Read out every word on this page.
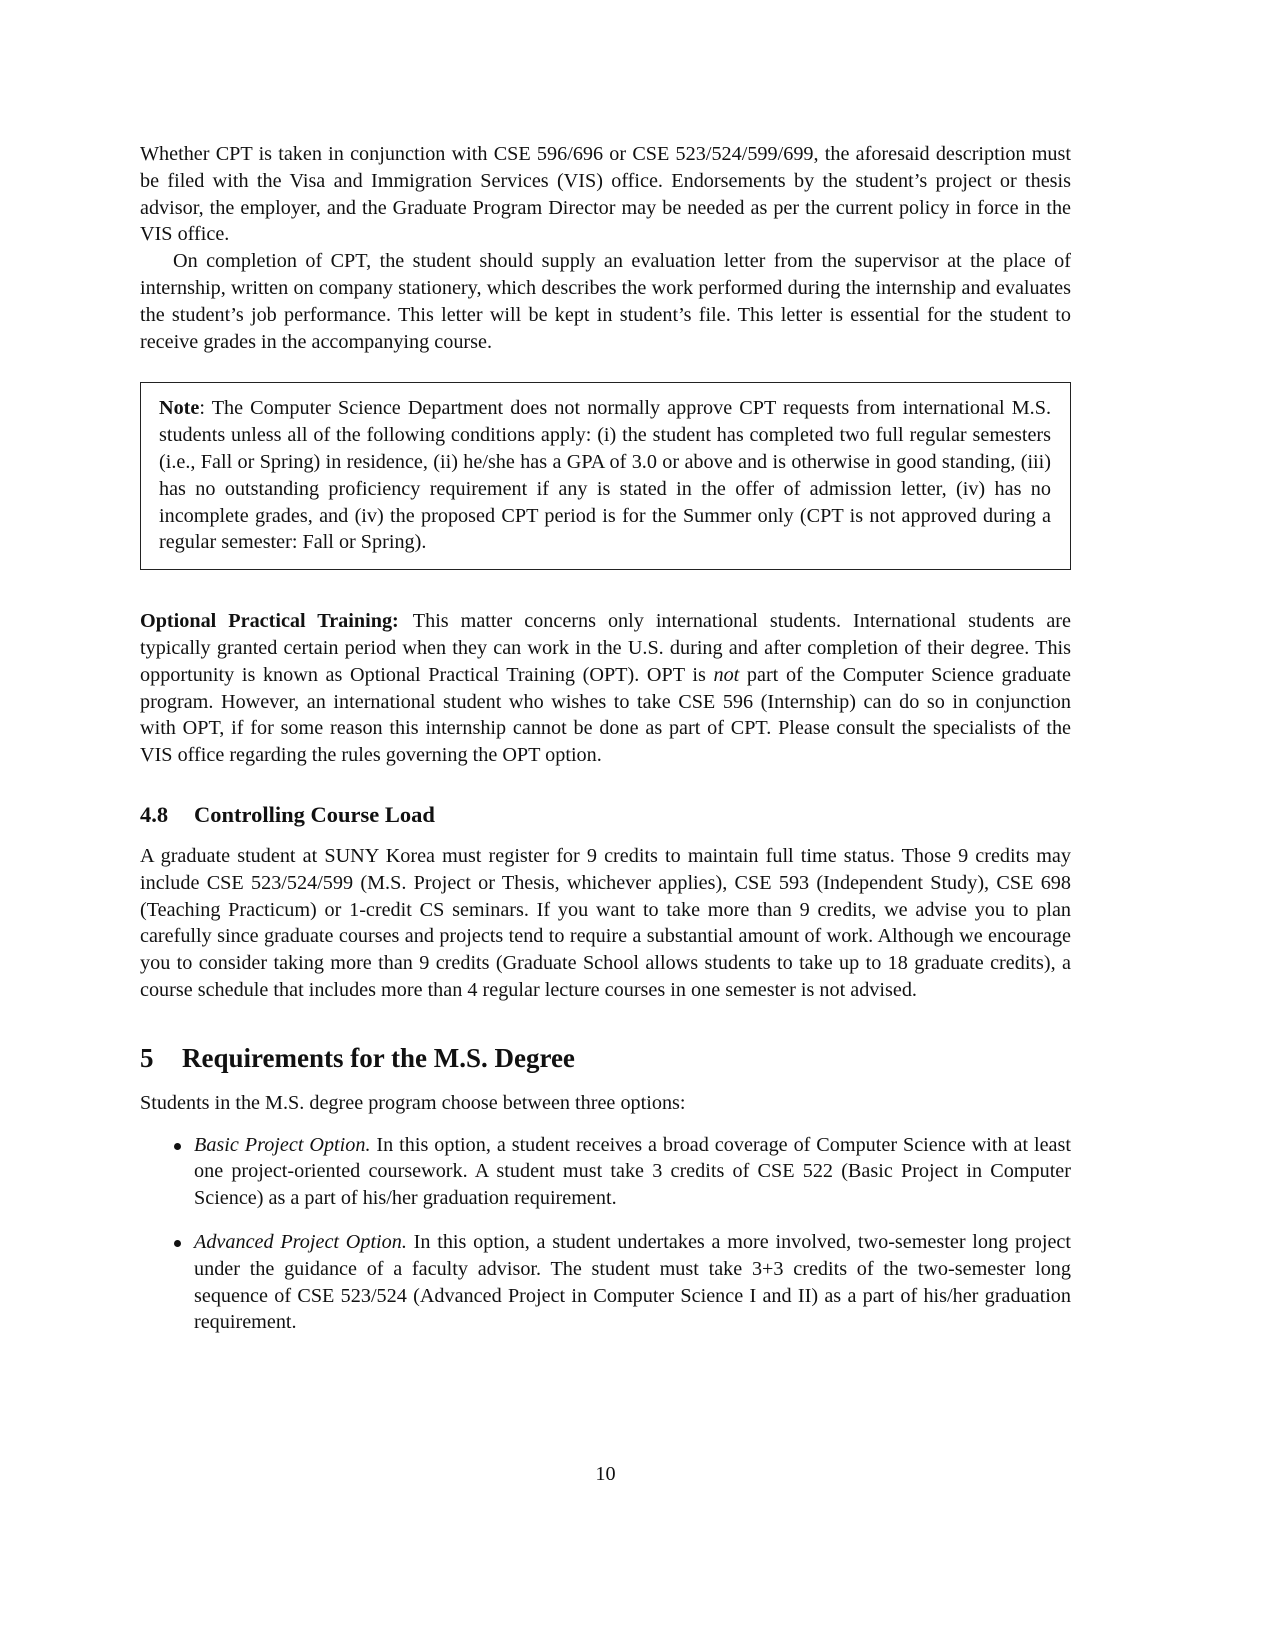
Whether CPT is taken in conjunction with CSE 596/696 or CSE 523/524/599/699, the aforesaid description must be filed with the Visa and Immigration Services (VIS) office. Endorsements by the student’s project or thesis advisor, the employer, and the Graduate Program Director may be needed as per the current policy in force in the VIS office.

On completion of CPT, the student should supply an evaluation letter from the supervisor at the place of internship, written on company stationery, which describes the work performed during the internship and evaluates the student’s job performance. This letter will be kept in student’s file. This letter is essential for the student to receive grades in the accompanying course.

Note: The Computer Science Department does not normally approve CPT requests from international M.S. students unless all of the following conditions apply: (i) the student has completed two full regular semesters (i.e., Fall or Spring) in residence, (ii) he/she has a GPA of 3.0 or above and is otherwise in good standing, (iii) has no outstanding proficiency requirement if any is stated in the offer of admission letter, (iv) has no incomplete grades, and (iv) the proposed CPT period is for the Summer only (CPT is not approved during a regular semester: Fall or Spring).

Optional Practical Training: This matter concerns only international students. International students are typically granted certain period when they can work in the U.S. during and after completion of their degree. This opportunity is known as Optional Practical Training (OPT). OPT is not part of the Computer Science graduate program. However, an international student who wishes to take CSE 596 (Internship) can do so in conjunction with OPT, if for some reason this internship cannot be done as part of CPT. Please consult the specialists of the VIS office regarding the rules governing the OPT option.

4.8 Controlling Course Load

A graduate student at SUNY Korea must register for 9 credits to maintain full time status. Those 9 credits may include CSE 523/524/599 (M.S. Project or Thesis, whichever applies), CSE 593 (Independent Study), CSE 698 (Teaching Practicum) or 1-credit CS seminars. If you want to take more than 9 credits, we advise you to plan carefully since graduate courses and projects tend to require a substantial amount of work. Although we encourage you to consider taking more than 9 credits (Graduate School allows students to take up to 18 graduate credits), a course schedule that includes more than 4 regular lecture courses in one semester is not advised.

5 Requirements for the M.S. Degree

Students in the M.S. degree program choose between three options:

Basic Project Option. In this option, a student receives a broad coverage of Computer Science with at least one project-oriented coursework. A student must take 3 credits of CSE 522 (Basic Project in Computer Science) as a part of his/her graduation requirement.

Advanced Project Option. In this option, a student undertakes a more involved, two-semester long project under the guidance of a faculty advisor. The student must take 3+3 credits of the two-semester long sequence of CSE 523/524 (Advanced Project in Computer Science I and II) as a part of his/her graduation requirement.

10
